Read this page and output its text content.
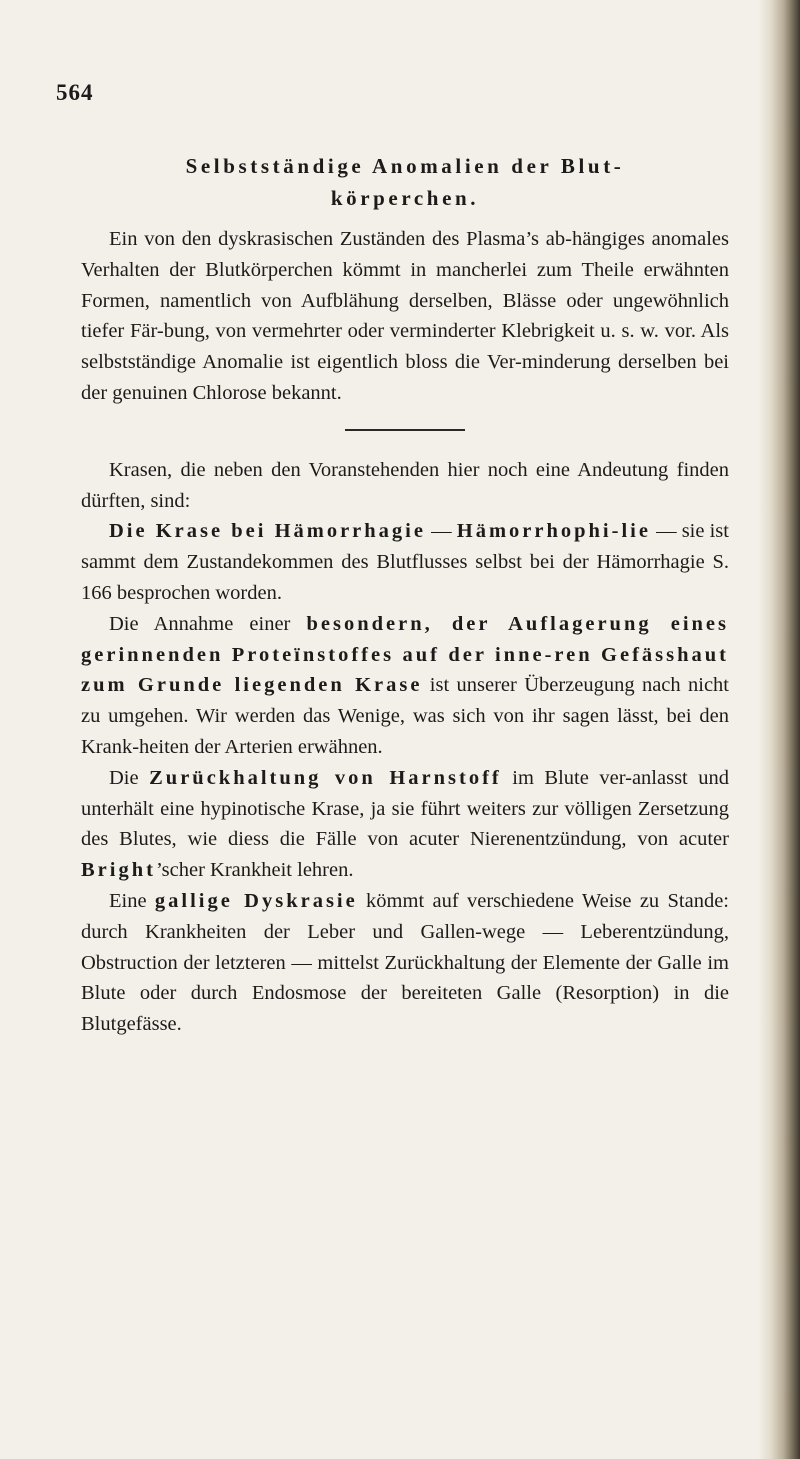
564
Selbstständige Anomalien der Blut-
körperchen.

Ein von den dyskrasischen Zuständen des Plasma’s ab-hängiges anomales Verhalten der Blutkörperchen kömmt in mancherlei zum Theile erwähnten Formen, namentlich von Aufblähung derselben, Blässe oder ungewöhnlich tiefer Fär-bung, von vermehrter oder verminderter Klebrigkeit u. s. w. vor. Als selbstständige Anomalie ist eigentlich bloss die Ver-minderung derselben bei der genuinen Chlorose bekannt.

Krasen, die neben den Voranstehenden hier noch eine Andeutung finden dürften, sind:

Die Krase bei Hämorrhagie — Hämorrhophi-lie — sie ist sammt dem Zustandekommen des Blutflusses selbst bei der Hämorrhagie S. 166 besprochen worden.

Die Annahme einer besondern, der Auflagerung eines gerinnenden Proteïnstoffes auf der inne-ren Gefässhaut zum Grunde liegenden Krase ist unserer Überzeugung nach nicht zu umgehen. Wir werden das Wenige, was sich von ihr sagen lässt, bei den Krank-heiten der Arterien erwähnen.

Die Zurückhaltung von Harnstoff im Blute ver-anlasst und unterhält eine hypinotische Krase, ja sie führt weiters zur völligen Zersetzung des Blutes, wie diess die Fälle von acuter Nierenentzündung, von acuter Bright’scher Krankheit lehren.

Eine gallige Dyskrasie kömmt auf verschiedene Weise zu Stande: durch Krankheiten der Leber und Gallen-wege — Leberentzündung, Obstruction der letzteren — mittelst Zurückhaltung der Elemente der Galle im Blute oder durch Endosmose der bereiteten Galle (Resorption) in die Blutgefässe.
